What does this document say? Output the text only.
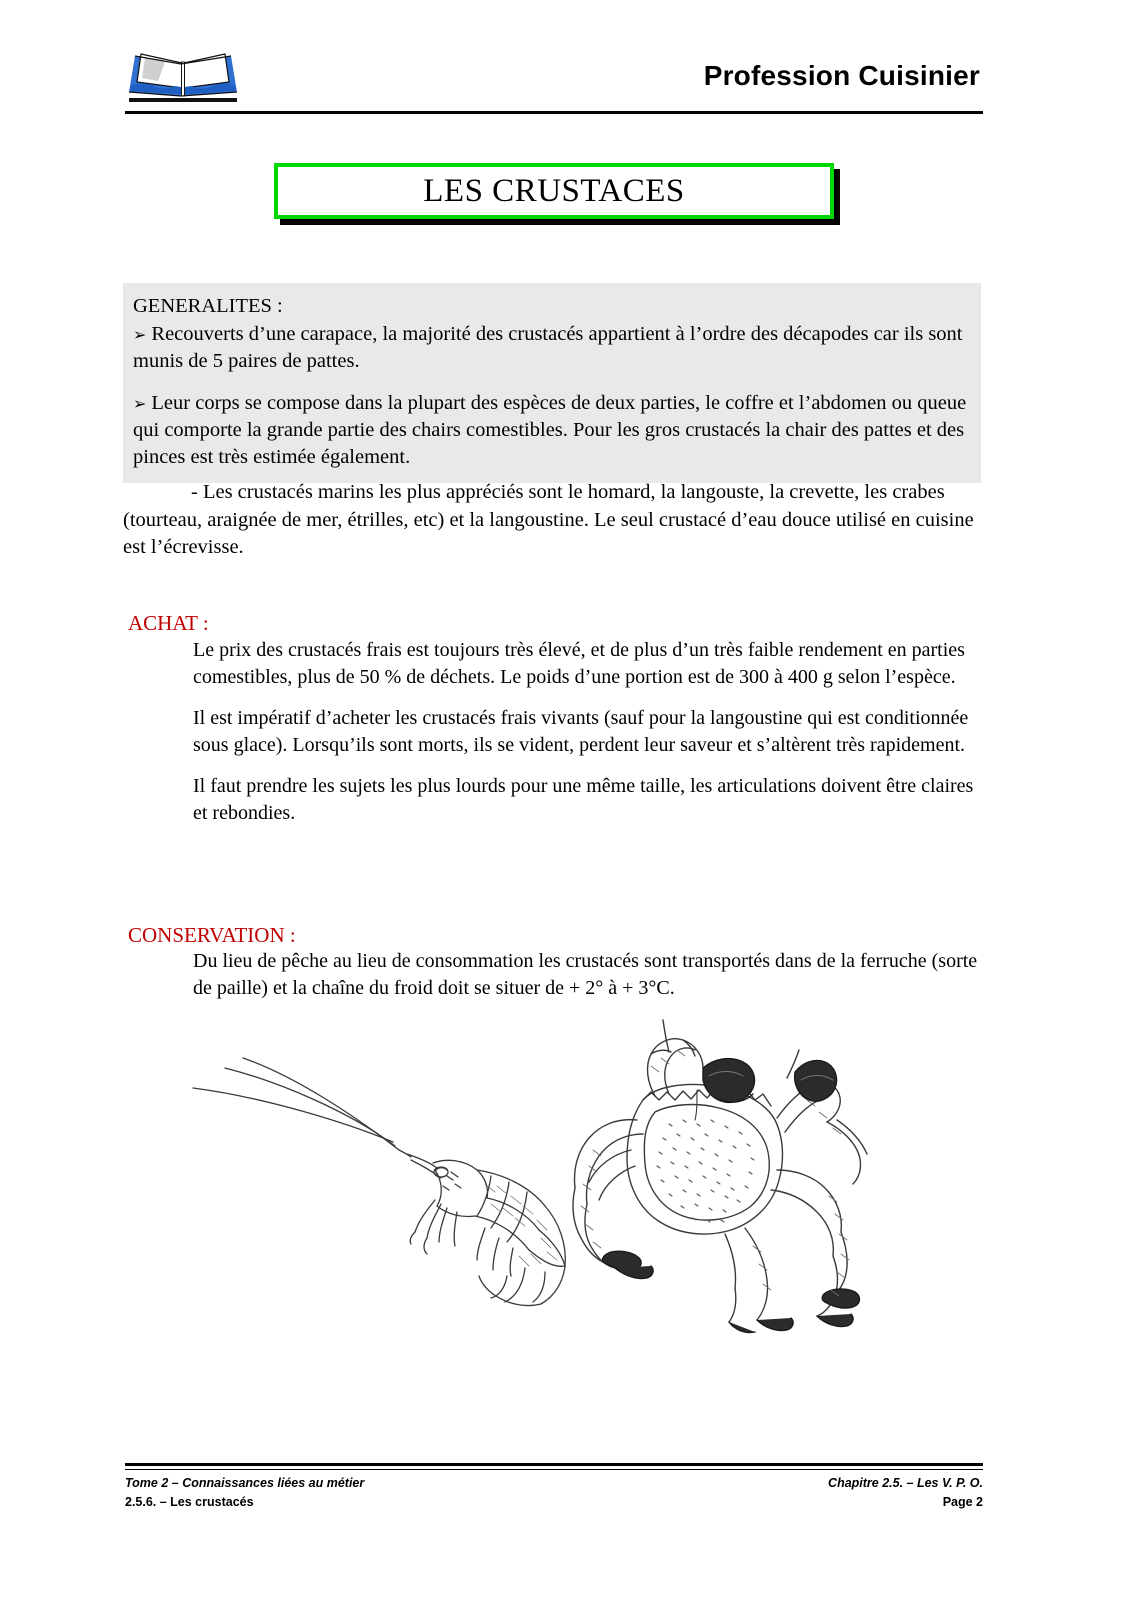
Profession Cuisinier
LES CRUSTACES
GENERALITES :
➢ Recouverts d’une carapace, la majorité des crustacés appartient à l’ordre des décapodes car ils sont munis de 5 paires de pattes.
➢ Leur corps se compose dans la plupart des espèces de deux parties, le coffre et l’abdomen ou queue qui comporte la grande partie des chairs comestibles. Pour les gros crustacés la chair des pattes et des pinces est très estimée également.
- Les crustacés marins les plus appréciés sont le homard, la langouste, la crevette, les crabes(tourteau, araignée de mer, étrilles, etc) et la langoustine. Le seul crustacé d’eau douce utilisé en cuisine est l’écrevisse.
ACHAT :

Le prix des crustacés frais est toujours très élevé, et de plus d’un très faible rendement en parties comestibles, plus de 50 % de déchets. Le poids d’une portion est de 300 à 400 g selon l’espèce.

Il est impératif d’acheter les crustacés frais vivants (sauf pour la langoustine qui est conditionnée sous glace). Lorsqu’ils sont morts, ils se vident, perdent leur saveur et s’altèrent très rapidement.

Il faut prendre les sujets les plus lourds pour une même taille, les articulations doivent être claires et rebondies.

CONSERVATION :

Du lieu de pêche au lieu de consommation les crustacés sont transportés dans de la ferruche (sorte de paille) et la chaîne du froid doit se situer de + 2° à + 3°C.

Tome 2 – Connaissances liées au métier	Chapitre 2.5. – Les V. P. O.
2.5.6. – Les crustacés	Page 2
